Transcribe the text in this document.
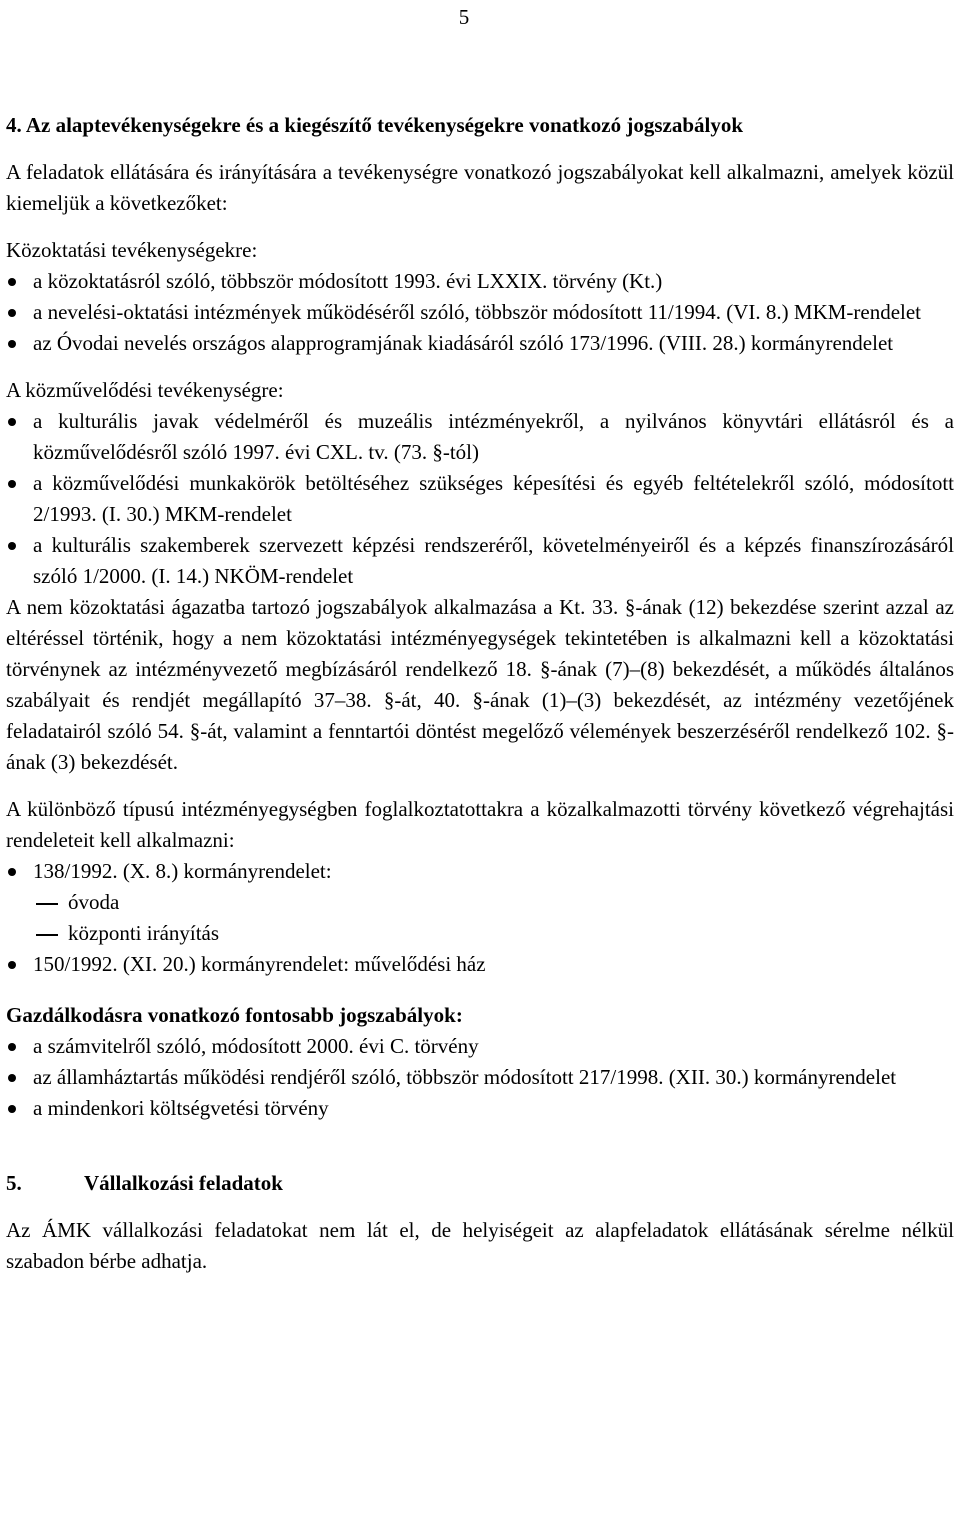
5

4. Az alaptevékenységekre és a kiegészítő tevékenységekre vonatkozó jogszabályok

A feladatok ellátására és irányítására a tevékenységre vonatkozó jogszabályokat kell alkalmazni, amelyek közül kiemeljük a következőket:

Közoktatási tevékenységekre:

a közoktatásról szóló, többször módosított 1993. évi LXXIX. törvény (Kt.)
a nevelési-oktatási intézmények működéséről szóló, többször módosított 11/1994. (VI. 8.) MKM-rendelet
az Óvodai nevelés országos alapprogramjának kiadásáról szóló 173/1996. (VIII. 28.) kormányrendelet

A közművelődési tevékenységre:

a kulturális javak védelméről és muzeális intézményekről, a nyilvános könyvtári ellátásról és a közművelődésről szóló 1997. évi CXL. tv. (73. §-tól)
a közművelődési munkakörök betöltéséhez szükséges képesítési és egyéb feltételekről szóló, módosított 2/1993. (I. 30.) MKM-rendelet
a kulturális szakemberek szervezett képzési rendszeréről, követelményeiről és a képzés finanszírozásáról szóló 1/2000. (I. 14.) NKÖM-rendelet

A nem közoktatási ágazatba tartozó jogszabályok alkalmazása a Kt. 33. §-ának (12) bekezdése szerint azzal az eltéréssel történik, hogy a nem közoktatási intézményegységek tekintetében is alkalmazni kell a közoktatási törvénynek az intézményvezető megbízásáról rendelkező 18. §-ának (7)–(8) bekezdését, a működés általános szabályait és rendjét megállapító 37–38. §-át, 40. §-ának (1)–(3) bekezdését, az intézmény vezetőjének feladatairól szóló 54. §-át, valamint a fenntartói döntést megelőző vélemények beszerzéséről rendelkező 102. §-ának (3) bekezdését.

A különböző típusú intézményegységben foglalkoztatottakra a közalkalmazotti törvény következő végrehajtási rendeleteit kell alkalmazni:

138/1992. (X. 8.) kormányrendelet:
óvoda
központi irányítás
150/1992. (XI. 20.) kormányrendelet: művelődési ház

Gazdálkodásra vonatkozó fontosabb jogszabályok:

a számvitelről szóló, módosított 2000. évi C. törvény
az államháztartás működési rendjéről szóló, többször módosított 217/1998. (XII. 30.) kormányrendelet
a mindenkori költségvetési törvény

5.	Vállalkozási feladatok

Az ÁMK vállalkozási feladatokat nem lát el, de helyiségeit az alapfeladatok ellátásának sérelme nélkül szabadon bérbe adhatja.
